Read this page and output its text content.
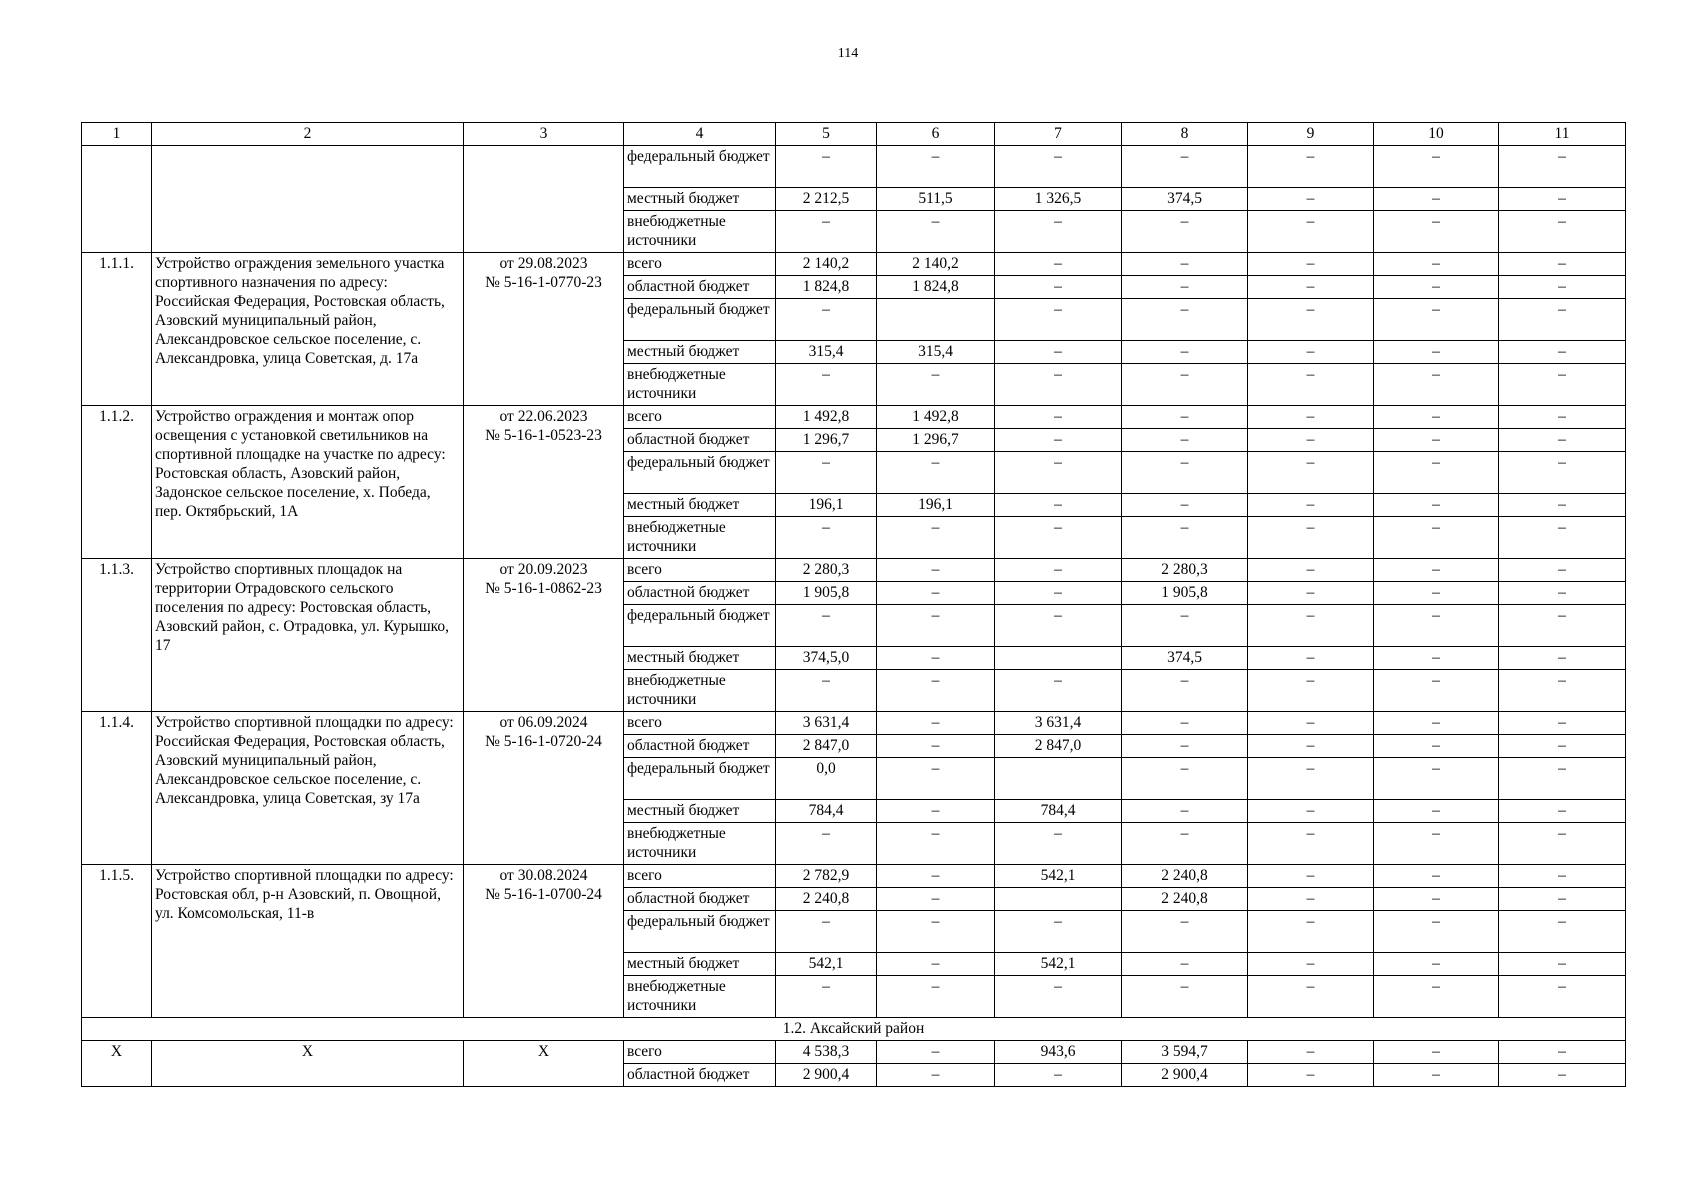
114
1	2	3	4	5	6	7	8	9	10	11
			федеральный бюджет	–	–	–	–	–	–	–
			местный бюджет	2 212,5	511,5	1 326,5	374,5	–	–	–
			внебюджетные источники	–	–	–	–	–	–	–
1.1.1.	Устройство ограждения земельного участка спортивного назначения по адресу: Российская Федерация, Ростовская область, Азовский муниципальный район, Александровское сельское поселение, с. Александровка, улица Советская, д. 17а	от 29.08.2023
№ 5-16-1-0770-23	всего	2 140,2	2 140,2	–	–	–	–	–
			областной бюджет	1 824,8	1 824,8	–	–	–	–	–
			федеральный бюджет	–		–	–	–	–	–
			местный бюджет	315,4	315,4	–	–	–	–	–
			внебюджетные источники	–	–	–	–	–	–	–
1.1.2.	Устройство ограждения и монтаж опор освещения с установкой светильников на спортивной площадке на участке по адресу: Ростовская область, Азовский район, Задонское сельское поселение, х. Победа, пер. Октябрьский, 1А	от 22.06.2023
№ 5-16-1-0523-23	всего	1 492,8	1 492,8	–	–	–	–	–
			областной бюджет	1 296,7	1 296,7	–	–	–	–	–
			федеральный бюджет	–	–	–	–	–	–	–
			местный бюджет	196,1	196,1	–	–	–	–	–
			внебюджетные источники	–	–	–	–	–	–	–
1.1.3.	Устройство спортивных площадок на территории Отрадовского сельского поселения по адресу: Ростовская область, Азовский район, с. Отрадовка, ул. Курышко, 17	от 20.09.2023
№ 5-16-1-0862-23	всего	2 280,3	–	–	2 280,3	–	–	–
			областной бюджет	1 905,8	–	–	1 905,8	–	–	–
			федеральный бюджет	–	–	–	–	–	–	–
			местный бюджет	374,5,0	–		374,5	–	–	–
			внебюджетные источники	–	–	–	–	–	–	–
1.1.4.	Устройство спортивной площадки по адресу: Российская Федерация, Ростовская область, Азовский муниципальный район, Александровское сельское поселение, с. Александровка, улица Советская, зу 17а	от 06.09.2024
№ 5-16-1-0720-24	всего	3 631,4	–	3 631,4	–	–	–	–
			областной бюджет	2 847,0	–	2 847,0	–	–	–	–
			федеральный бюджет	0,0	–		–	–	–	–
			местный бюджет	784,4	–	784,4	–	–	–	–
			внебюджетные источники	–	–	–	–	–	–	–
1.1.5.	Устройство спортивной площадки по адресу: Ростовская обл, р-н Азовский, п. Овощной, ул. Комсомольская, 11-в	от 30.08.2024
№ 5-16-1-0700-24	всего	2 782,9	–	542,1	2 240,8	–	–	–
			областной бюджет	2 240,8	–		2 240,8	–	–	–
			федеральный бюджет	–	–	–	–	–	–	–
			местный бюджет	542,1	–	542,1	–	–	–	–
			внебюджетные источники	–	–	–	–	–	–	–
1.2. Аксайский район										
X	X	X	всего	4 538,3	–	943,6	3 594,7	–	–	–
			областной бюджет	2 900,4	–	–	2 900,4	–	–	–
